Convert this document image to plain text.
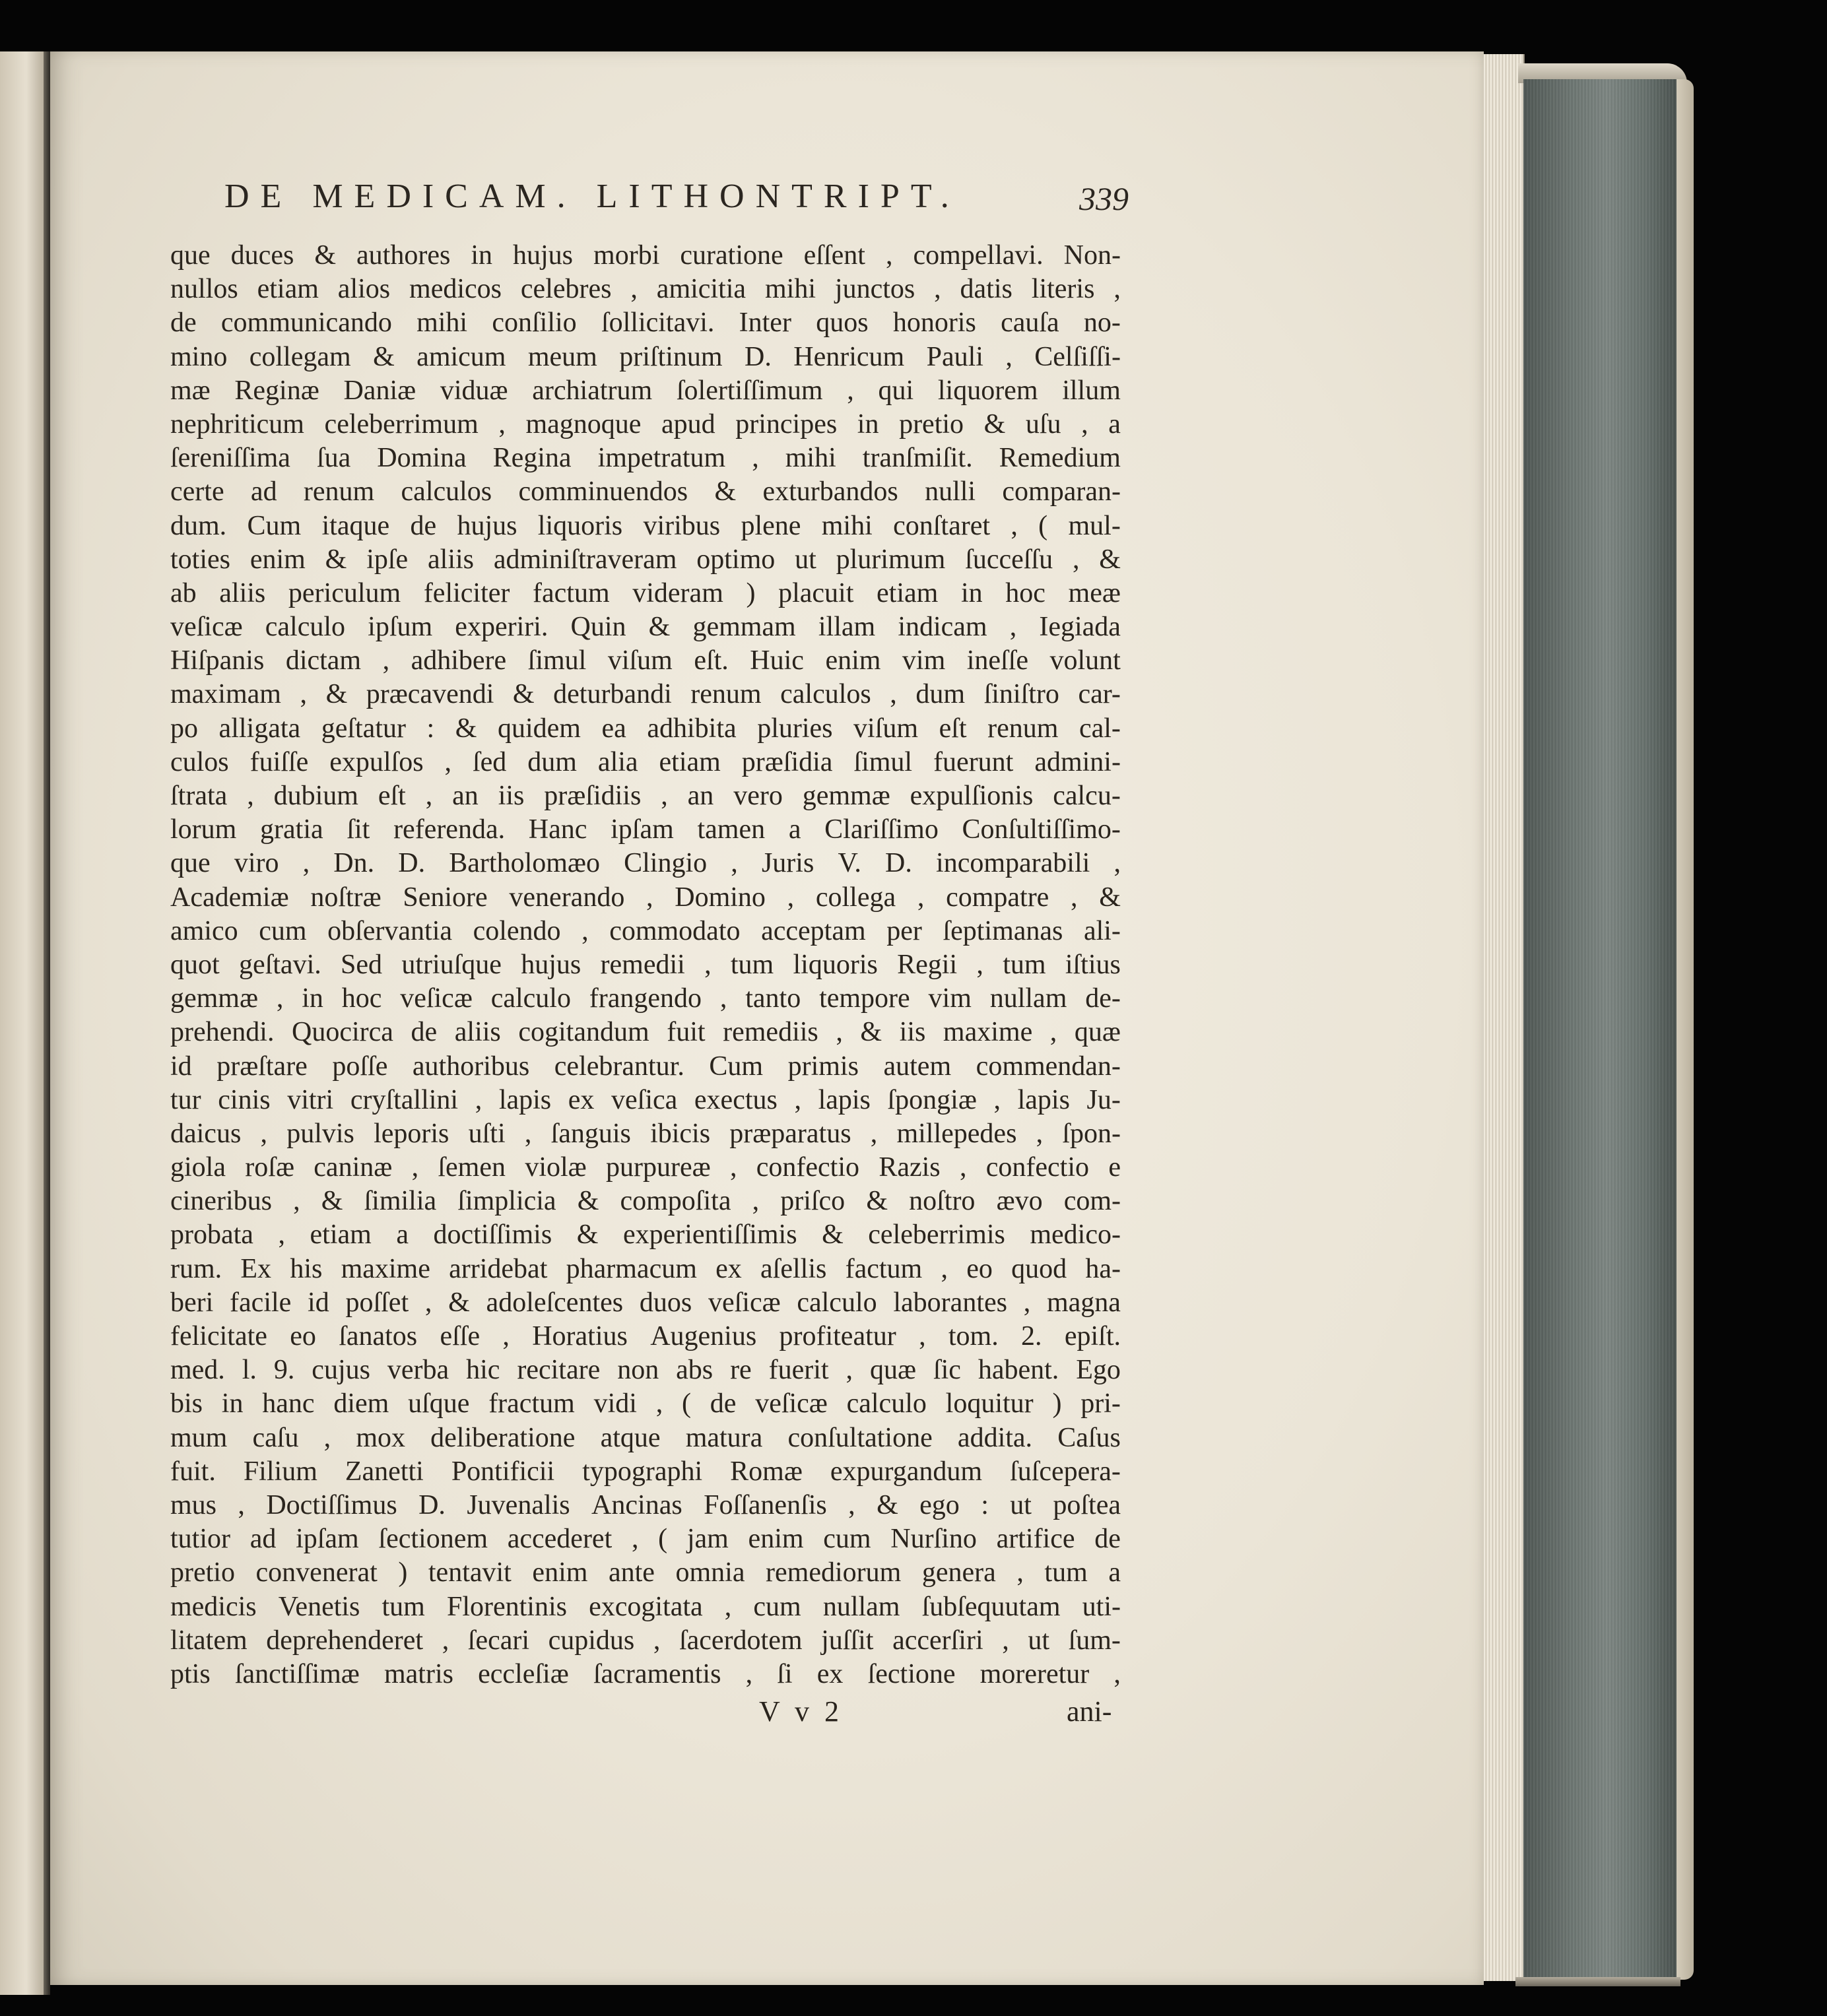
DE MEDICAM. LITHONTRIPT.	339
que duces & authores in hujus morbi curatione eſſent , compellavi. Non-
nullos etiam alios medicos celebres , amicitia mihi junctos , datis literis ,
de communicando mihi conſilio ſollicitavi. Inter quos honoris cauſa no-
mino collegam & amicum meum priſtinum D. Henricum Pauli , Celſiſſi-
mæ Reginæ Daniæ viduæ archiatrum ſolertiſſimum , qui liquorem illum
nephriticum celeberrimum , magnoque apud principes in pretio & uſu , a
ſereniſſima ſua Domina Regina impetratum , mihi tranſmiſit. Remedium
certe ad renum calculos comminuendos & exturbandos nulli comparan-
dum. Cum itaque de hujus liquoris viribus plene mihi conſtaret , ( mul-
toties enim & ipſe aliis adminiſtraveram optimo ut plurimum ſucceſſu , &
ab aliis periculum feliciter factum videram ) placuit etiam in hoc meæ
veſicæ calculo ipſum experiri. Quin & gemmam illam indicam , Iegiada
Hiſpanis dictam , adhibere ſimul viſum eſt. Huic enim vim ineſſe volunt
maximam , & præcavendi & deturbandi renum calculos , dum ſiniſtro car-
po alligata geſtatur : & quidem ea adhibita pluries viſum eſt renum cal-
culos fuiſſe expulſos , ſed dum alia etiam præſidia ſimul fuerunt admini-
ſtrata , dubium eſt , an iis præſidiis , an vero gemmæ expulſionis calcu-
lorum gratia ſit referenda. Hanc ipſam tamen a Clariſſimo Conſultiſſimo-
que viro , Dn. D. Bartholomæo Clingio , Juris V. D. incomparabili ,
Academiæ noſtræ Seniore venerando , Domino , collega , compatre , &
amico cum obſervantia colendo , commodato acceptam per ſeptimanas ali-
quot geſtavi. Sed utriuſque hujus remedii , tum liquoris Regii , tum iſtius
gemmæ , in hoc veſicæ calculo frangendo , tanto tempore vim nullam de-
prehendi. Quocirca de aliis cogitandum fuit remediis , & iis maxime , quæ
id præſtare poſſe authoribus celebrantur. Cum primis autem commendan-
tur cinis vitri cryſtallini , lapis ex veſica exectus , lapis ſpongiæ , lapis Ju-
daicus , pulvis leporis uſti , ſanguis ibicis præparatus , millepedes , ſpon-
giola roſæ caninæ , ſemen violæ purpureæ , confectio Razis , confectio e
cineribus , & ſimilia ſimplicia & compoſita , priſco & noſtro ævo com-
probata , etiam a doctiſſimis & experientiſſimis & celeberrimis medico-
rum. Ex his maxime arridebat pharmacum ex aſellis factum , eo quod ha-
beri facile id poſſet , & adoleſcentes duos veſicæ calculo laborantes , magna
felicitate eo ſanatos eſſe , Horatius Augenius profiteatur , tom. 2. epiſt.
med. l. 9. cujus verba hic recitare non abs re fuerit , quæ ſic habent. Ego
bis in hanc diem uſque fractum vidi , ( de veſicæ calculo loquitur ) pri-
mum caſu , mox deliberatione atque matura conſultatione addita. Caſus
fuit. Filium Zanetti Pontificii typographi Romæ expurgandum ſuſcepera-
mus , Doctiſſimus D. Juvenalis Ancinas Foſſanenſis , & ego : ut poſtea
tutior ad ipſam ſectionem accederet , ( jam enim cum Nurſino artifice de
pretio convenerat ) tentavit enim ante omnia remediorum genera , tum a
medicis Venetis tum Florentinis excogitata , cum nullam ſubſequutam uti-
litatem deprehenderet , ſecari cupidus , ſacerdotem juſſit accerſiri , ut ſum-
ptis ſanctiſſimæ matris eccleſiæ ſacramentis , ſi ex ſectione moreretur ,
V v 2	ani-
